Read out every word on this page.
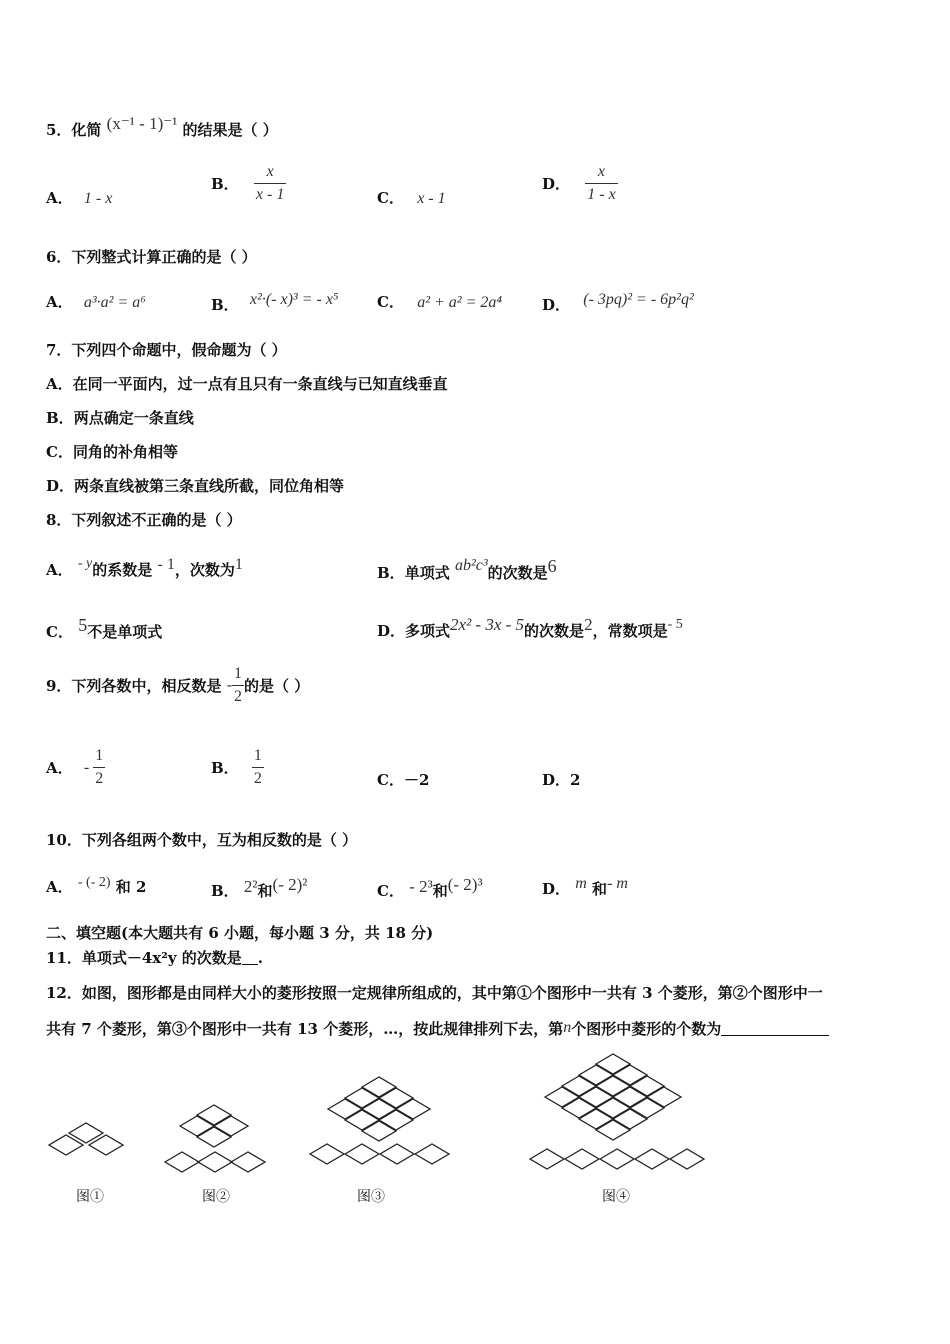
5．化简 (x⁻¹ - 1)⁻¹ 的结果是（ ）
A． 1 - x
B． $\frac{x}{x - 1}$	C． x - 1
D． $\frac{x}{1 - x}$
6．下列整式计算正确的是（ ）
A． a³·a² = a⁶	B． x²·(- x)³ = - x⁵	C． a² + a² = 2a⁴	D． (- 3pq)² = - 6p²q²
7．下列四个命题中，假命题为（ ）
A．在同一平面内，过一点有且只有一条直线与已知直线垂直
B．两点确定一条直线
C．同角的补角相等
D．两条直线被第三条直线所截，同位角相等
8．下列叙述不正确的是（ ）
A． - y的系数是 - 1，次数为1	B．单项式 ab²c³的次数是6
C． 5不是单项式	D．多项式2x² - 3x - 5的次数是2，常数项是- 5
9．下列各数中，相反数是 - $\frac{1}{2}$ 的是（ ）
A． - $\frac{1}{2}$	B． $\frac{1}{2}$	C．－2	D．2
10．下列各组两个数中，互为相反数的是（ ）
A． - (- 2) 和 2	B． 2²和(- 2)²	C． - 2³和(- 2)³	D． m 和- m
二、填空题(本大题共有 6 小题，每小题 3 分，共 18 分)
11．单项式－4x²y 的次数是 .
12．如图，图形都是由同样大小的菱形按照一定规律所组成的，其中第①个图形中一共有 3 个菱形，第②个图形中一
共有 7 个菱形，第③个图形中一共有 13 个菱形，…，按此规律排列下去，第n个图形中菱形的个数为
图①	图②	图③	图④
